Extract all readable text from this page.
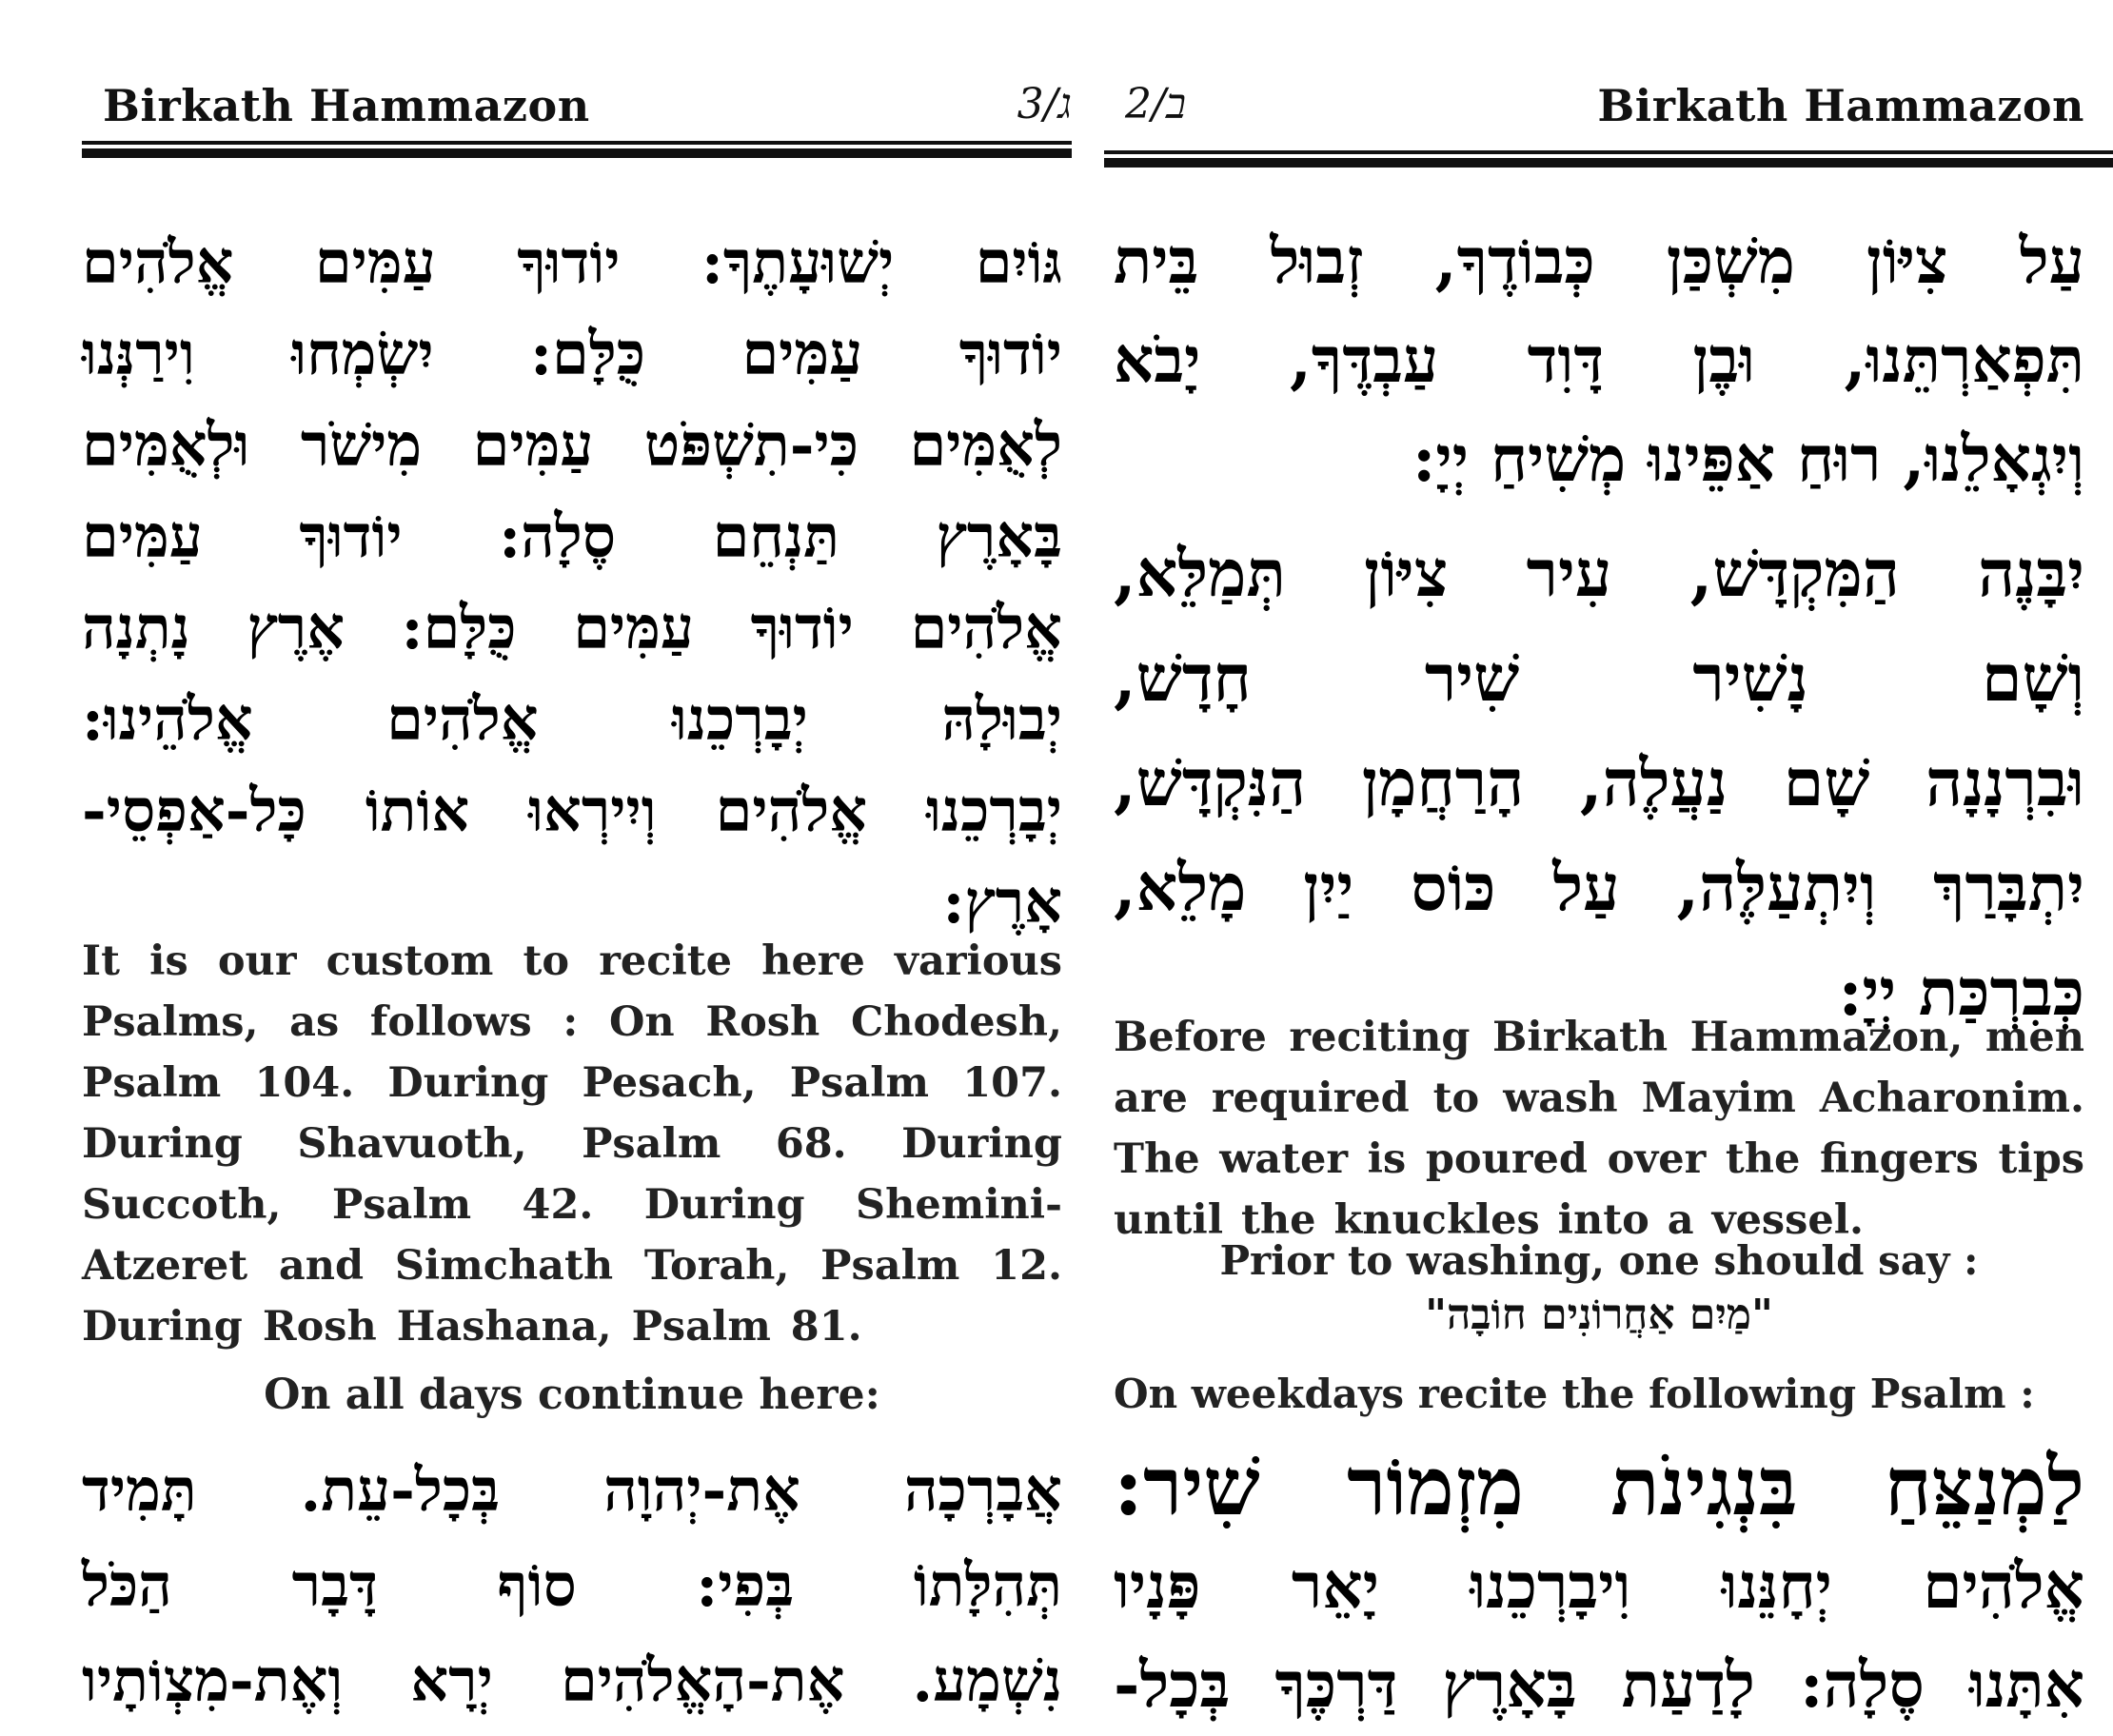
Birkath Hammazon	ג/3
גּוֹיִם יְשׁוּעָתֶךָ: יוֹדוּךָ עַמִּים אֱלֹהִים
יוֹדוּךָ עַמִּים כֻּלָּם: יִשְׂמְחוּ וִירַנְּנוּ
לְאֻמִּים כִּי-תִשְׁפֹּט עַמִּים מִישֹׁר וּלְאֻמִּים
בָּאָרֶץ תַּנְחֵם סֶלָה: יוֹדוּךָ עַמִּים
אֱלֹהִים יוֹדוּךָ עַמִּים כֻּלָּם: אֶרֶץ נָתְנָה
יְבוּלָהּ יְבָרְכֵנוּ אֱלֹהִים אֱלֹהֵינוּ:
יְבָרְכֵנוּ אֱלֹהִים וְיִירְאוּ אוֹתוֹ כָּל-אַפְסֵי-
אָרֶץ:
It is our custom to recite here various Psalms, as follows : On Rosh Chodesh, Psalm 104. During Pesach, Psalm 107. During Shavuoth, Psalm 68. During Succoth, Psalm 42. During Shemini-Atzeret and Simchath Torah, Psalm 12. During Rosh Hashana, Psalm 81.
On all days continue here:
אֲבָרְכָה אֶת-יְהוָה בְּכָל-עֵת. תָּמִיד
תְּהִלָּתוֹ בְּפִי: סוֹף דָּבָר הַכֹּל
נִשְׁמָע. אֶת-הָאֱלֹהִים יְרָא וְאֶת-מִצְוֹתָיו
ב/2	Birkath Hammazon
עַל צִיּוֹן מִשְׁכַּן כְּבוֹדֶךָ, זְבוּל בֵּית
תִּפְאַרְתֵּנוּ, וּבֶן דָּוִד עַבְדֶּךָ, יָבֹא
וְיִגְאָלֵנוּ, רוּחַ אַפֵּינוּ מְשִׁיחַ יְיָ:
יִבָּנֶה הַמִּקְדָּשׁ, עִיר צִיּוֹן תְּמַלֵּא,
וְשָׁם נָשִׁיר שִׁיר חָדָשׁ,
וּבִרְנָנָה שָׁם נַעֲלֶה, הָרַחֲמָן הַנִּקְדָּשׁ,
יִתְבָּרַךְ וְיִתְעַלֶּה, עַל כּוֹס יַיִן מָלֵא,
כְּבִרְכַּת יְיָ:
Before reciting Birkath Hammazon, men are required to wash Mayim Acharonim. The water is poured over the fingers tips until the knuckles into a vessel.
Prior to washing, one should say :
"מַיִם אַחֲרוֹנִים חוֹבָה"
On weekdays recite the following Psalm :
לַמְנַצֵּחַ בִּנְגִינֹת מִזְמוֹר שִׁיר:
אֱלֹהִים יְחָנֵּנוּ וִיבָרְכֵנוּ יָאֵר פָּנָיו
אִתָּנוּ סֶלָה: לָדַעַת בָּאָרֶץ דַּרְכֶּךָ בְּכָל-
